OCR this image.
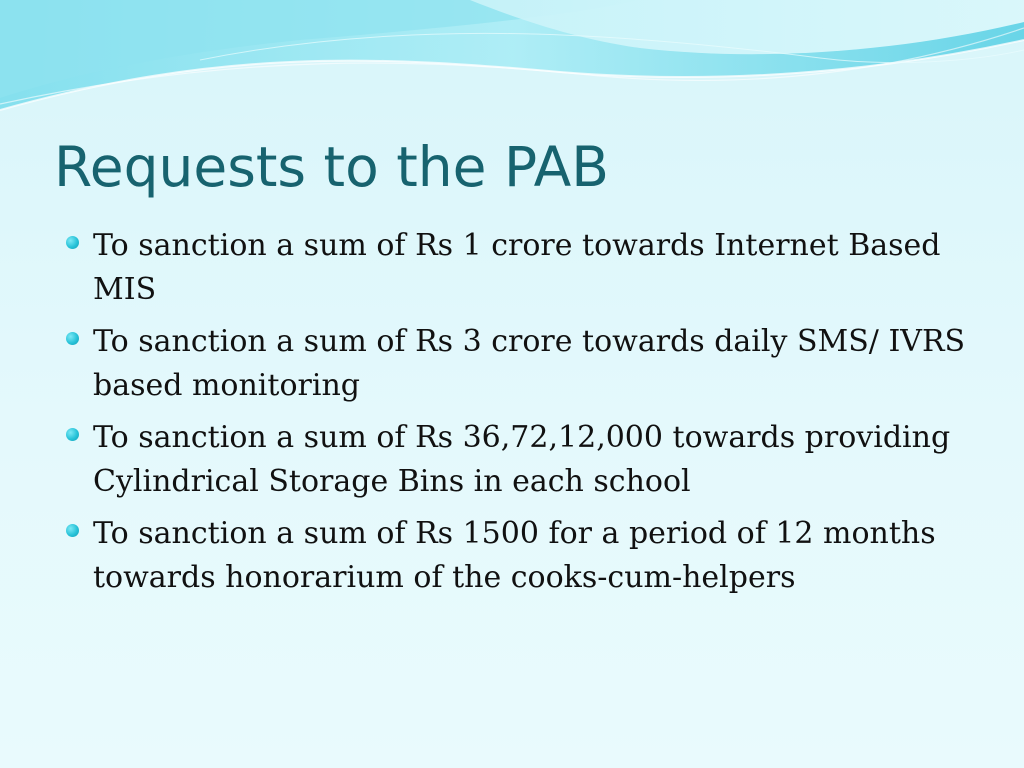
Requests to the PAB
To sanction a sum of Rs 1 crore towards Internet Based MIS
To sanction a sum of Rs 3 crore towards daily SMS/ IVRS based monitoring
To sanction a sum of Rs 36,72,12,000 towards providing Cylindrical Storage Bins in each school
To sanction a sum of Rs 1500 for a period of 12 months towards honorarium of the cooks-cum-helpers
